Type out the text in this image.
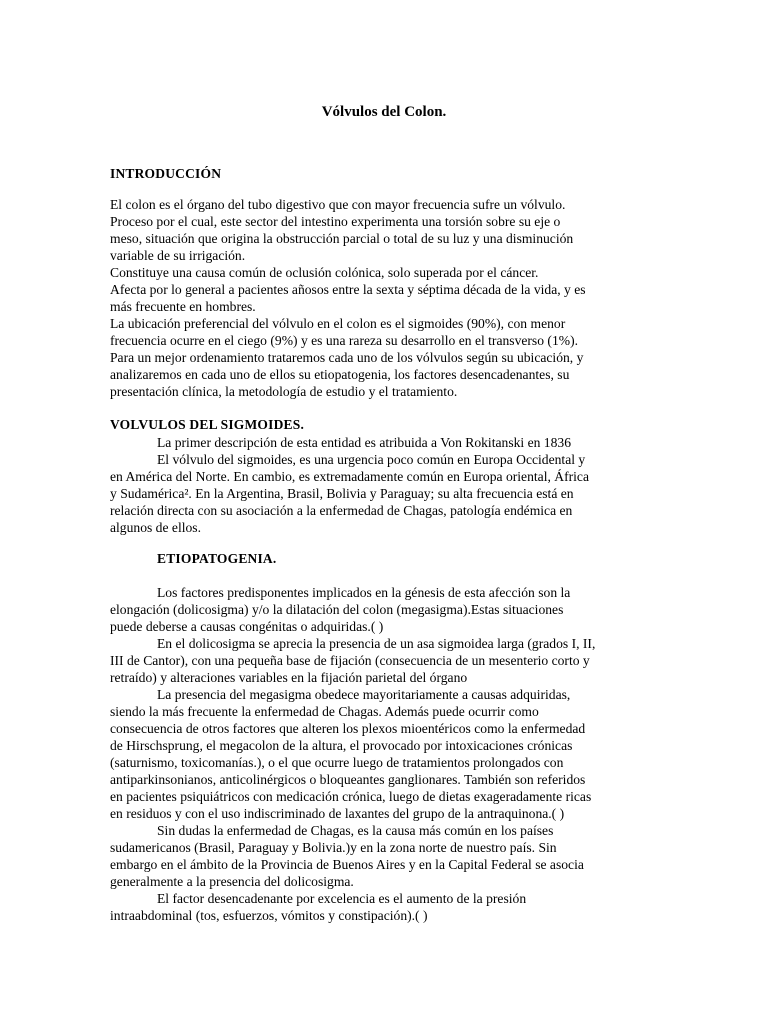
Vólvulos del Colon.
INTRODUCCIÓN
El colon es el órgano del tubo digestivo que con mayor frecuencia sufre un vólvulo.
Proceso por el cual, este sector del intestino experimenta una torsión sobre su eje o
meso, situación que origina la obstrucción parcial o total de su luz y una disminución
variable de su irrigación.
Constituye una causa común de oclusión colónica, solo superada por el cáncer.
Afecta por lo general a pacientes añosos entre la sexta y séptima década de la vida, y es
más frecuente en hombres.
La ubicación preferencial del vólvulo en el colon es el sigmoides (90%), con menor
frecuencia ocurre en el ciego (9%) y es una rareza su desarrollo en el transverso (1%).
Para un mejor ordenamiento trataremos cada uno de los vólvulos según su ubicación, y
analizaremos en cada uno de ellos su etiopatogenia, los factores desencadenantes, su
presentación clínica, la metodología de estudio y el tratamiento.
VOLVULOS DEL SIGMOIDES.
La primer descripción de esta entidad es atribuida a Von Rokitanski en 1836
El vólvulo del sigmoides, es una urgencia poco común en Europa Occidental y
en América del Norte. En cambio, es extremadamente común en Europa oriental, África
y Sudamérica². En la Argentina, Brasil, Bolivia y Paraguay; su alta frecuencia está en
relación directa con su asociación a la enfermedad de Chagas, patología endémica en
algunos de ellos.
ETIOPATOGENIA.
Los factores predisponentes implicados en la génesis de esta afección son la
elongación (dolicosigma) y/o la dilatación del colon (megasigma).Estas situaciones
puede deberse a causas congénitas o adquiridas.( )
En el dolicosigma se aprecia la presencia de un asa sigmoidea larga (grados I, II,
III de Cantor), con una pequeña base de fijación (consecuencia de un mesenterio corto y
retraído) y alteraciones variables en la fijación parietal del órgano
La presencia del megasigma obedece mayoritariamente a causas adquiridas,
siendo la más frecuente la enfermedad de Chagas. Además puede ocurrir como
consecuencia de otros factores que alteren los plexos mioentéricos como la enfermedad
de Hirschsprung, el megacolon de la altura, el provocado por intoxicaciones crónicas
(saturnismo, toxicomanías.), o el que ocurre luego de tratamientos prolongados con
antiparkinsonianos, anticolinérgicos o bloqueantes ganglionares. También son referidos
en pacientes psiquiátricos con medicación crónica, luego de dietas exageradamente ricas
en residuos y con el uso indiscriminado de laxantes del grupo de la antraquinona.( )
Sin dudas la enfermedad de Chagas, es la causa más común en los países
sudamericanos (Brasil, Paraguay y Bolivia.)y en la zona norte de nuestro país. Sin
embargo en el ámbito de la Provincia de Buenos Aires y en la Capital Federal se asocia
generalmente a la presencia del dolicosigma.
El factor desencadenante por excelencia es el aumento de la presión
intraabdominal (tos, esfuerzos, vómitos y constipación).( )
